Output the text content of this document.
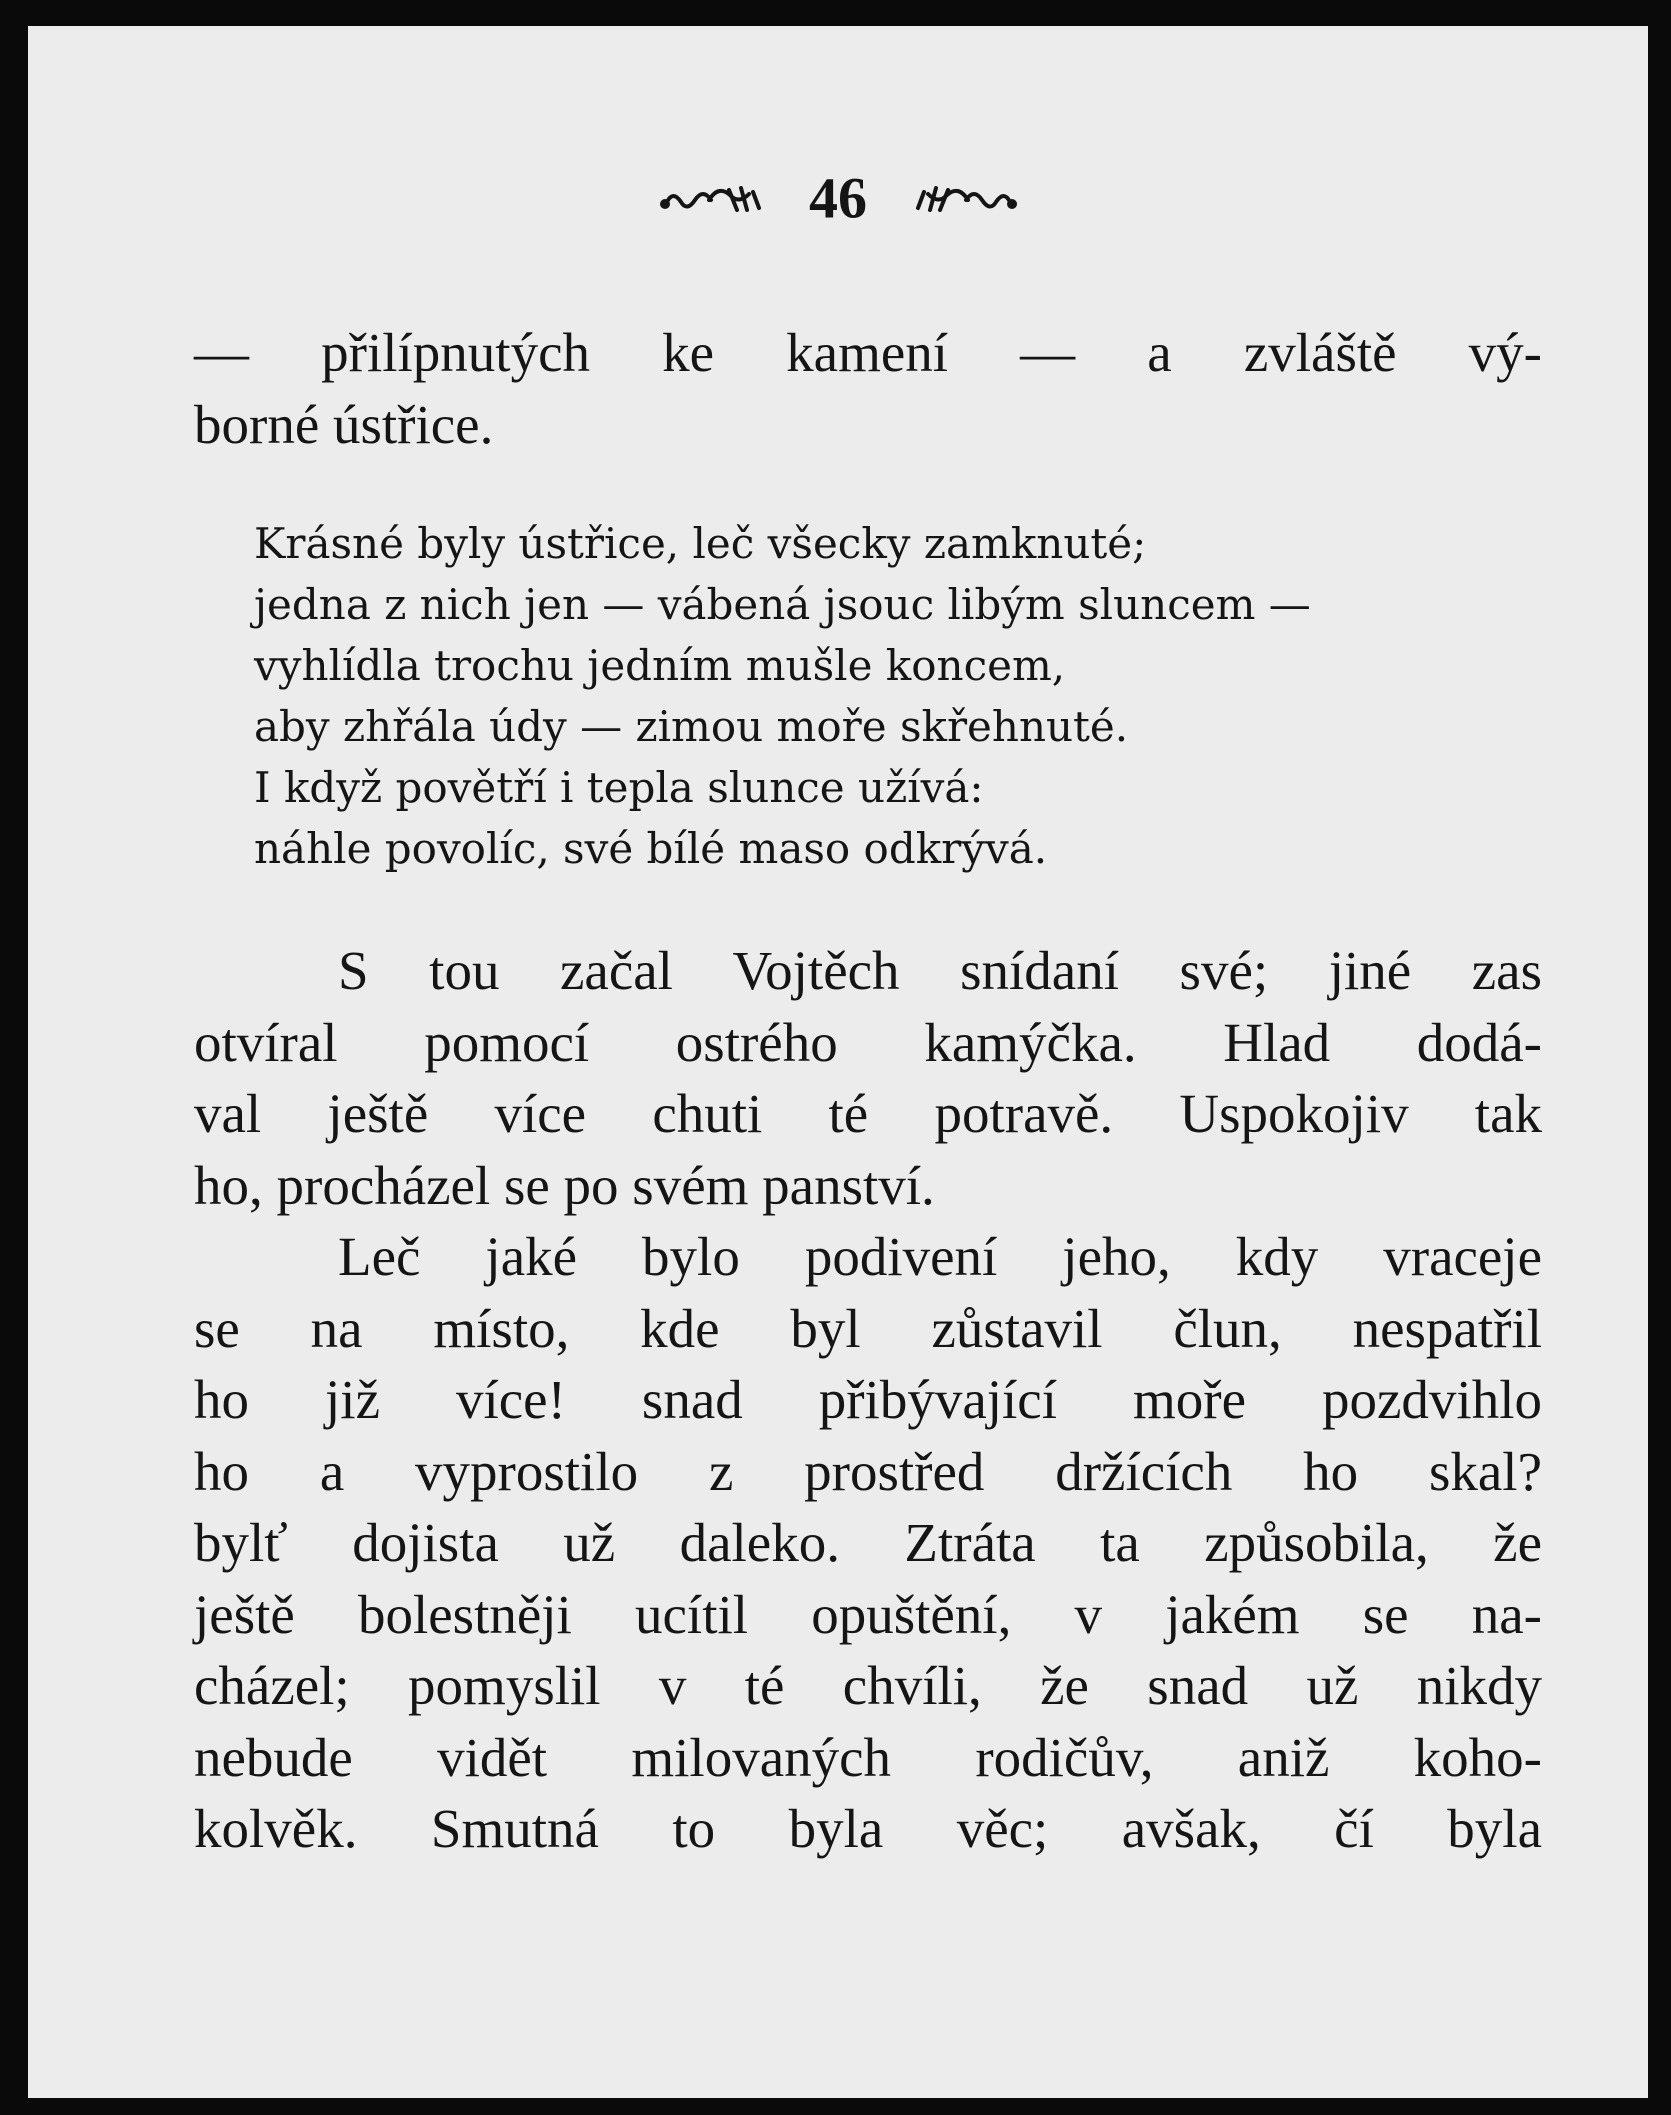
46
— přilípnutých ke kamení — a zvláště vý-
borné ústřice.
Krásné byly ústřice, leč všecky zamknuté;
jedna z nich jen — vábená jsouc libým sluncem —
vyhlídla trochu jedním mušle koncem,
aby zhřála údy — zimou moře skřehnuté.
I když povětří i tepla slunce užívá:
náhle povolíc, své bílé maso odkrývá.
S tou začal Vojtěch snídaní své; jiné zas
otvíral pomocí ostrého kamýčka. Hlad dodá-
val ještě více chuti té potravě. Uspokojiv tak
ho, procházel se po svém panství.
Leč jaké bylo podivení jeho, kdy vraceje
se na místo, kde byl zůstavil člun, nespatřil
ho již více! snad přibývající moře pozdvihlo
ho a vyprostilo z prostřed držících ho skal?
bylť dojista už daleko. Ztráta ta způsobila, že
ještě bolestněji ucítil opuštění, v jakém se na-
cházel; pomyslil v té chvíli, že snad už nikdy
nebude vidět milovaných rodičův, aniž koho-
kolvěk. Smutná to byla věc; avšak, čí byla
